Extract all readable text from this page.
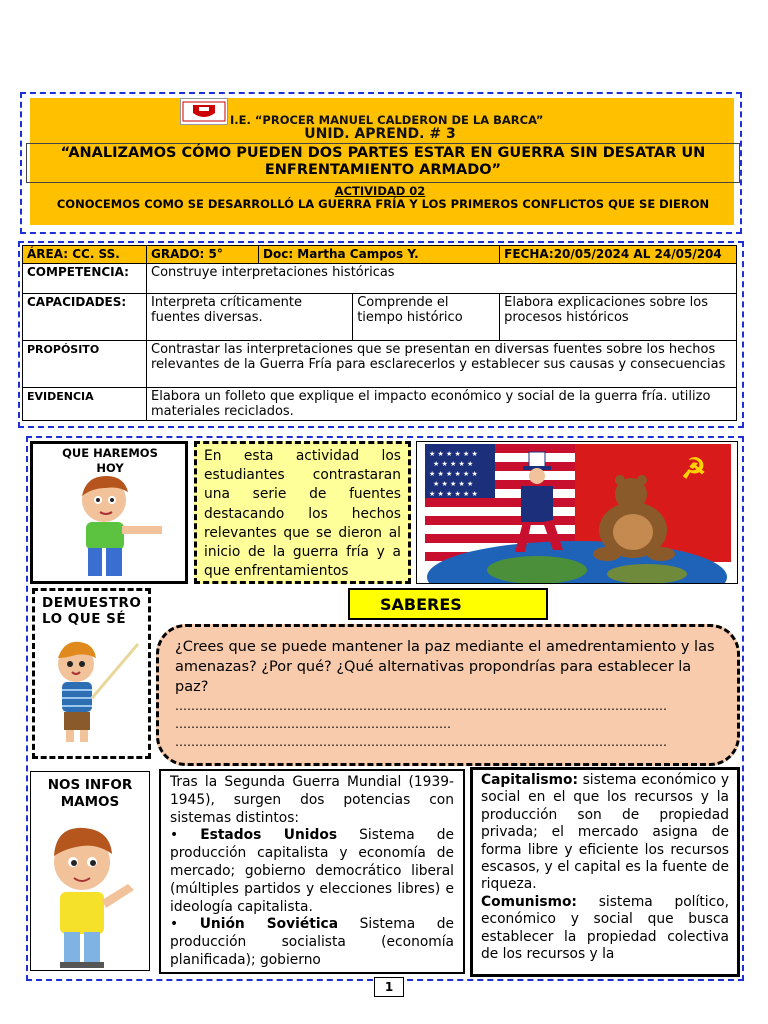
I.E. “PROCER MANUEL CALDERON DE LA BARCA”
UNID. APREND. # 3
“ANALIZAMOS CÓMO PUEDEN DOS PARTES ESTAR EN GUERRA SIN DESATAR UN ENFRENTAMIENTO ARMADO”
ACTIVIDAD 02
CONOCEMOS COMO SE DESARROLLÓ LA GUERRA FRÍA Y LOS PRIMEROS CONFLICTOS QUE SE DIERON
ÁREA: CC. SS.	GRADO: 5°	Doc: Martha Campos Y.		FECHA:20/05/2024 AL 24/05/204
COMPETENCIA:	Construye interpretaciones históricas			
CAPACIDADES:	Interpreta críticamente fuentes diversas.		Comprende el tiempo histórico	Elabora explicaciones sobre los procesos históricos
PROPÓSITO	Contrastar las interpretaciones que se presentan en diversas fuentes sobre los hechos relevantes de la Guerra Fría para esclarecerlos y establecer sus causas y consecuencias			
EVIDENCIA	Elabora un folleto que explique el impacto económico y social de la guerra fría. utilizo materiales reciclados.			
QUE HAREMOS HOY
En esta actividad los estudiantes contrastaran una serie de fuentes destacando los hechos relevantes que se dieron al inicio de la guerra fría y a que enfrentamientos
★ ★ ★ ★ ★ ★
★ ★ ★ ★ ★
★ ★ ★ ★ ★ ★
★ ★ ★ ★ ★
★ ★ ★ ★ ★ ★
☭
DEMUESTRO LO QUE SÉ
SABERES
¿Crees que se puede mantener la paz mediante el amedrentamiento y las amenazas? ¿Por qué? ¿Qué alternativas propondrías para establecer la paz?
……………………………………………………………………………………………………………
……………………………………………………………
……………………………………………………………………………………………………………
NOS INFORMAMOS
Tras la Segunda Guerra Mundial (1939-1945), surgen dos potencias con sistemas distintos:
• Estados Unidos Sistema de producción capitalista y economía de mercado; gobierno democrático liberal (múltiples partidos y elecciones libres) e ideología capitalista.
• Unión Soviética Sistema de producción socialista (economía planificada); gobierno
Capitalismo: sistema económico y social en el que los recursos y la producción son de propiedad privada; el mercado asigna de forma libre y eficiente los recursos escasos, y el capital es la fuente de riqueza.
Comunismo: sistema político, económico y social que busca establecer la propiedad colectiva de los recursos y la
1
